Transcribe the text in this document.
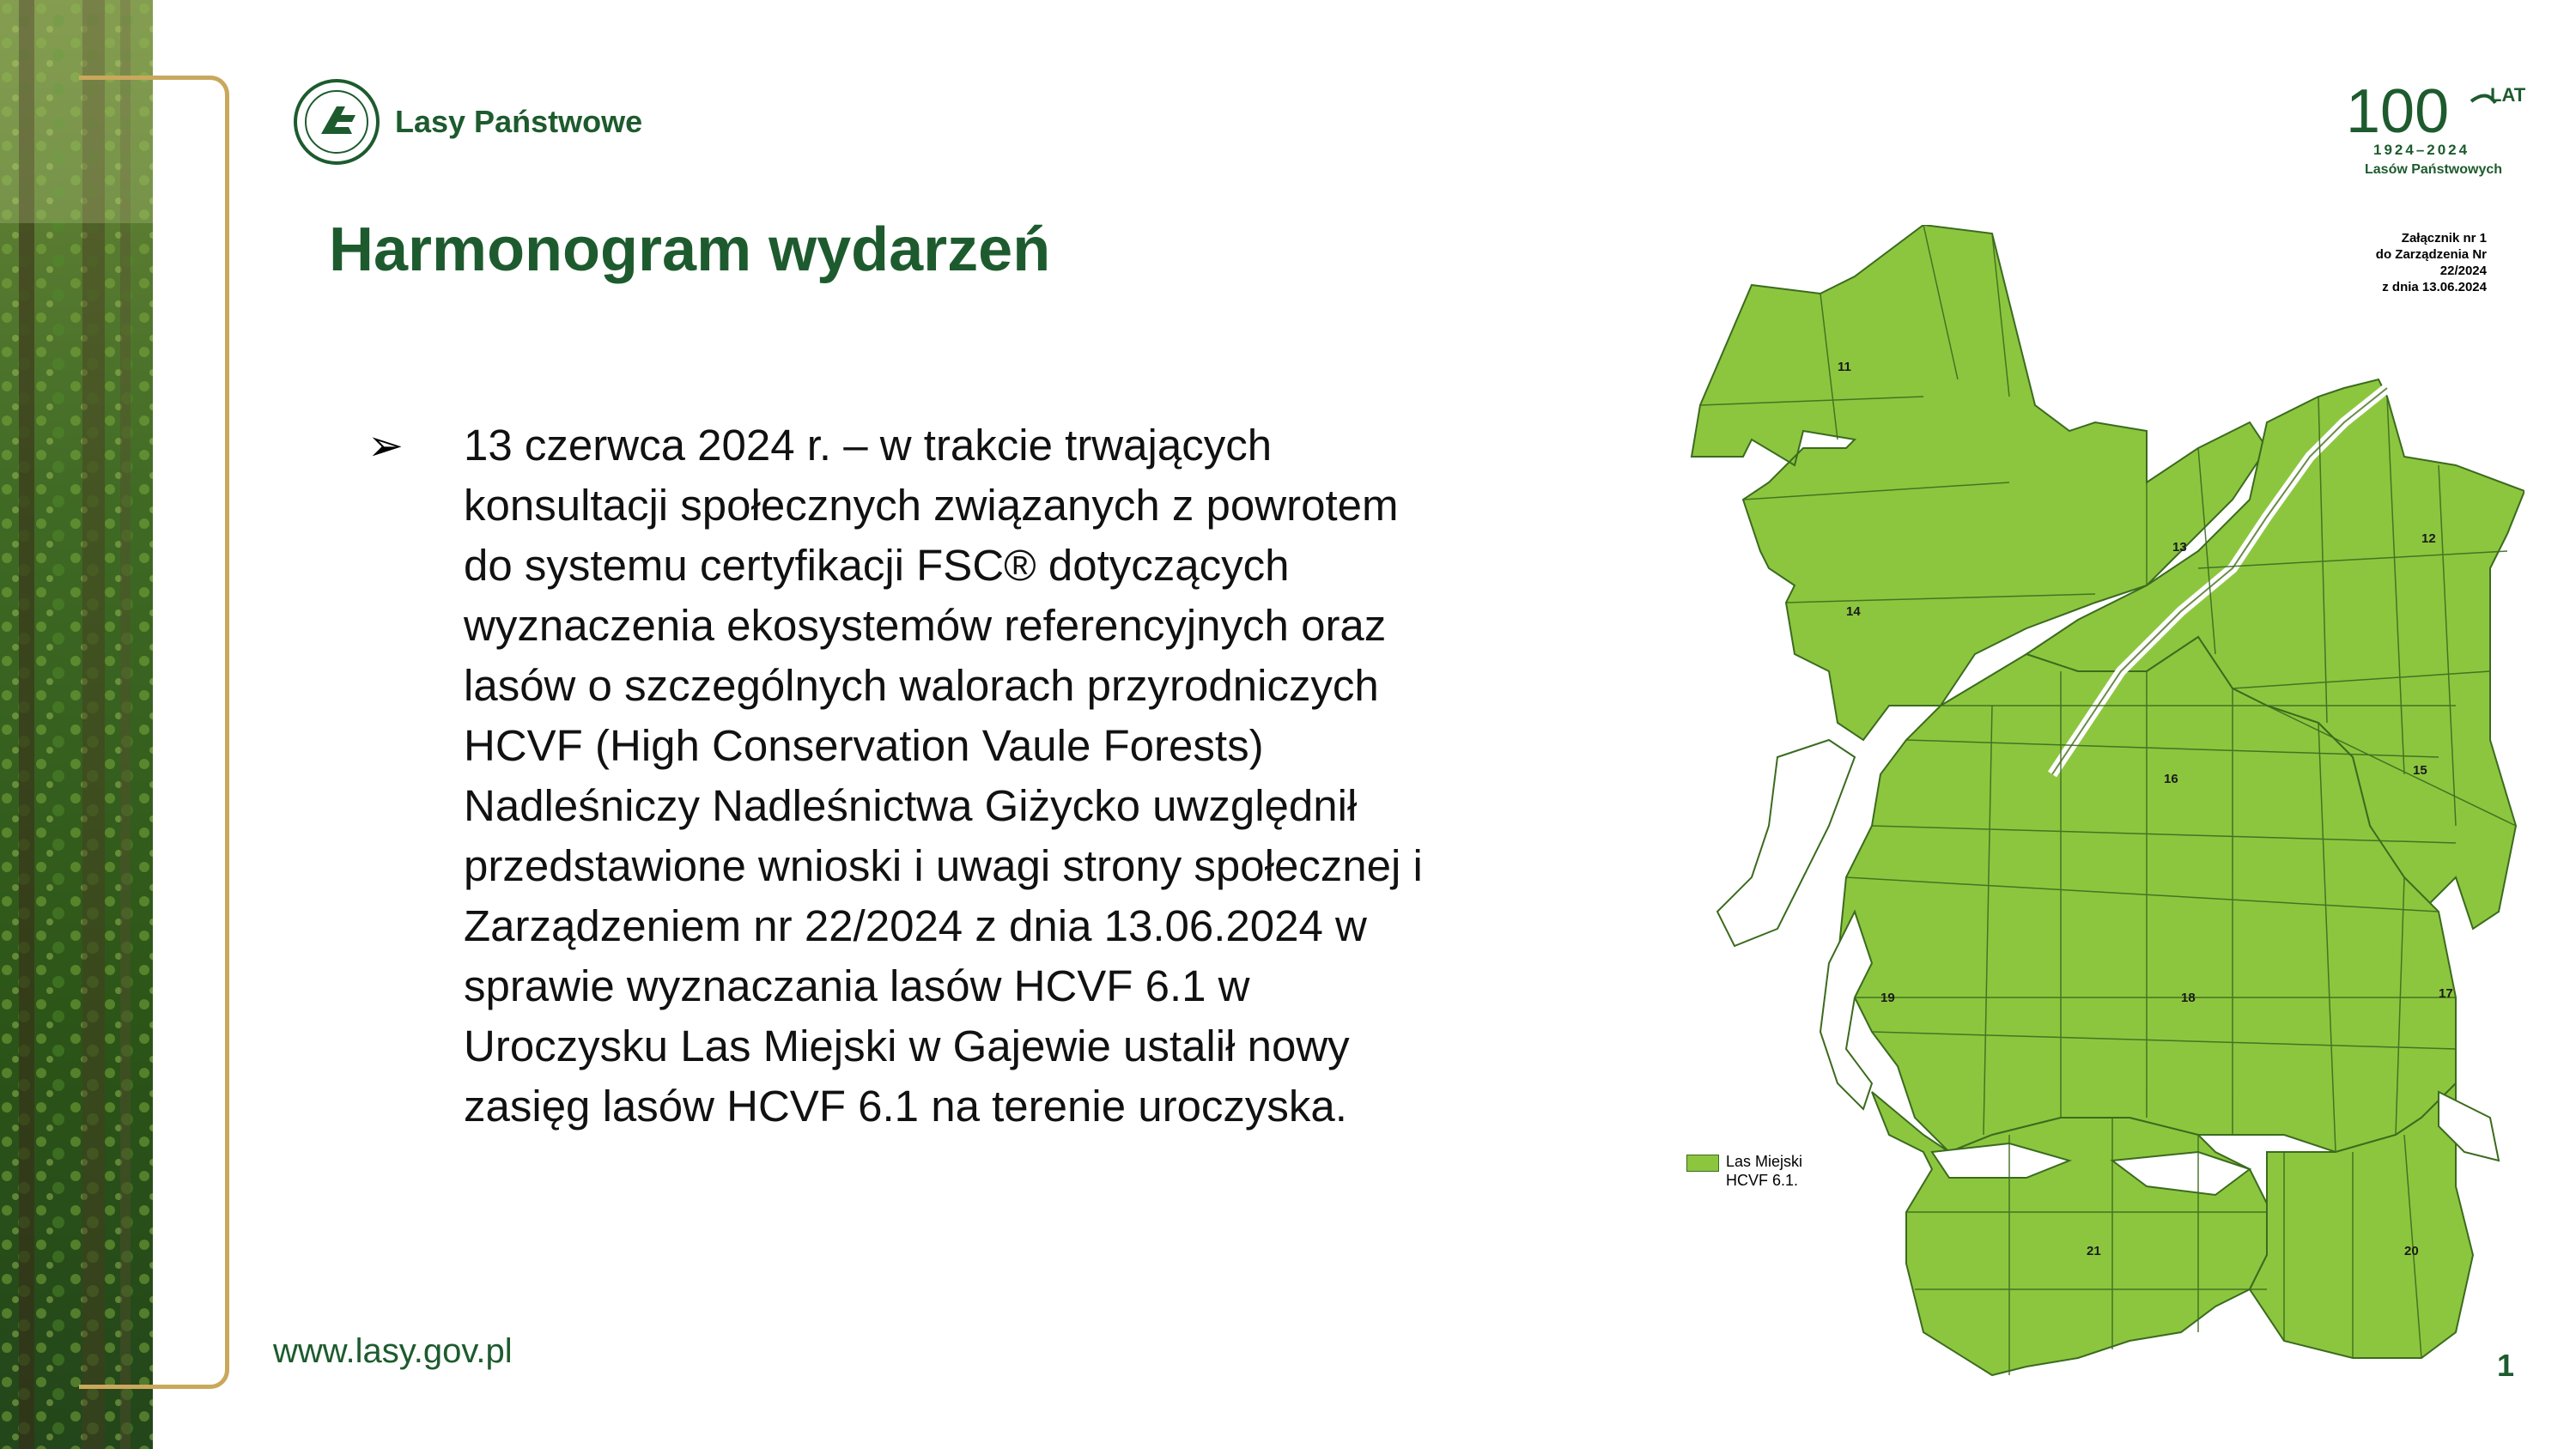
Lasy Państwowe	100 LAT
1924–2024
Lasów Państwowych
Harmonogram wydarzeń
➢	13 czerwca 2024 r. – w trakcie trwających konsultacji społecznych związanych z powrotem do systemu certyfikacji FSC® dotyczących wyznaczenia ekosystemów referencyjnych oraz lasów o szczególnych walorach przyrodniczych HCVF (High Conservation Vaule Forests) Nadleśniczy Nadleśnictwa Giżycko uwzględnił przedstawione wnioski i uwagi strony społecznej i Zarządzeniem nr 22/2024 z dnia 13.06.2024 w sprawie wyznaczania lasów HCVF 6.1 w Uroczysku Las Miejski w Gajewie ustalił nowy zasięg lasów HCVF 6.1 na terenie uroczyska.

Załącznik nr 1
do Zarządzenia Nr
22/2024
z dnia 13.06.2024
11
12
13
14
15
16
17
18
19
20
21
Las Miejski
HCVF 6.1.
www.lasy.gov.pl	1
